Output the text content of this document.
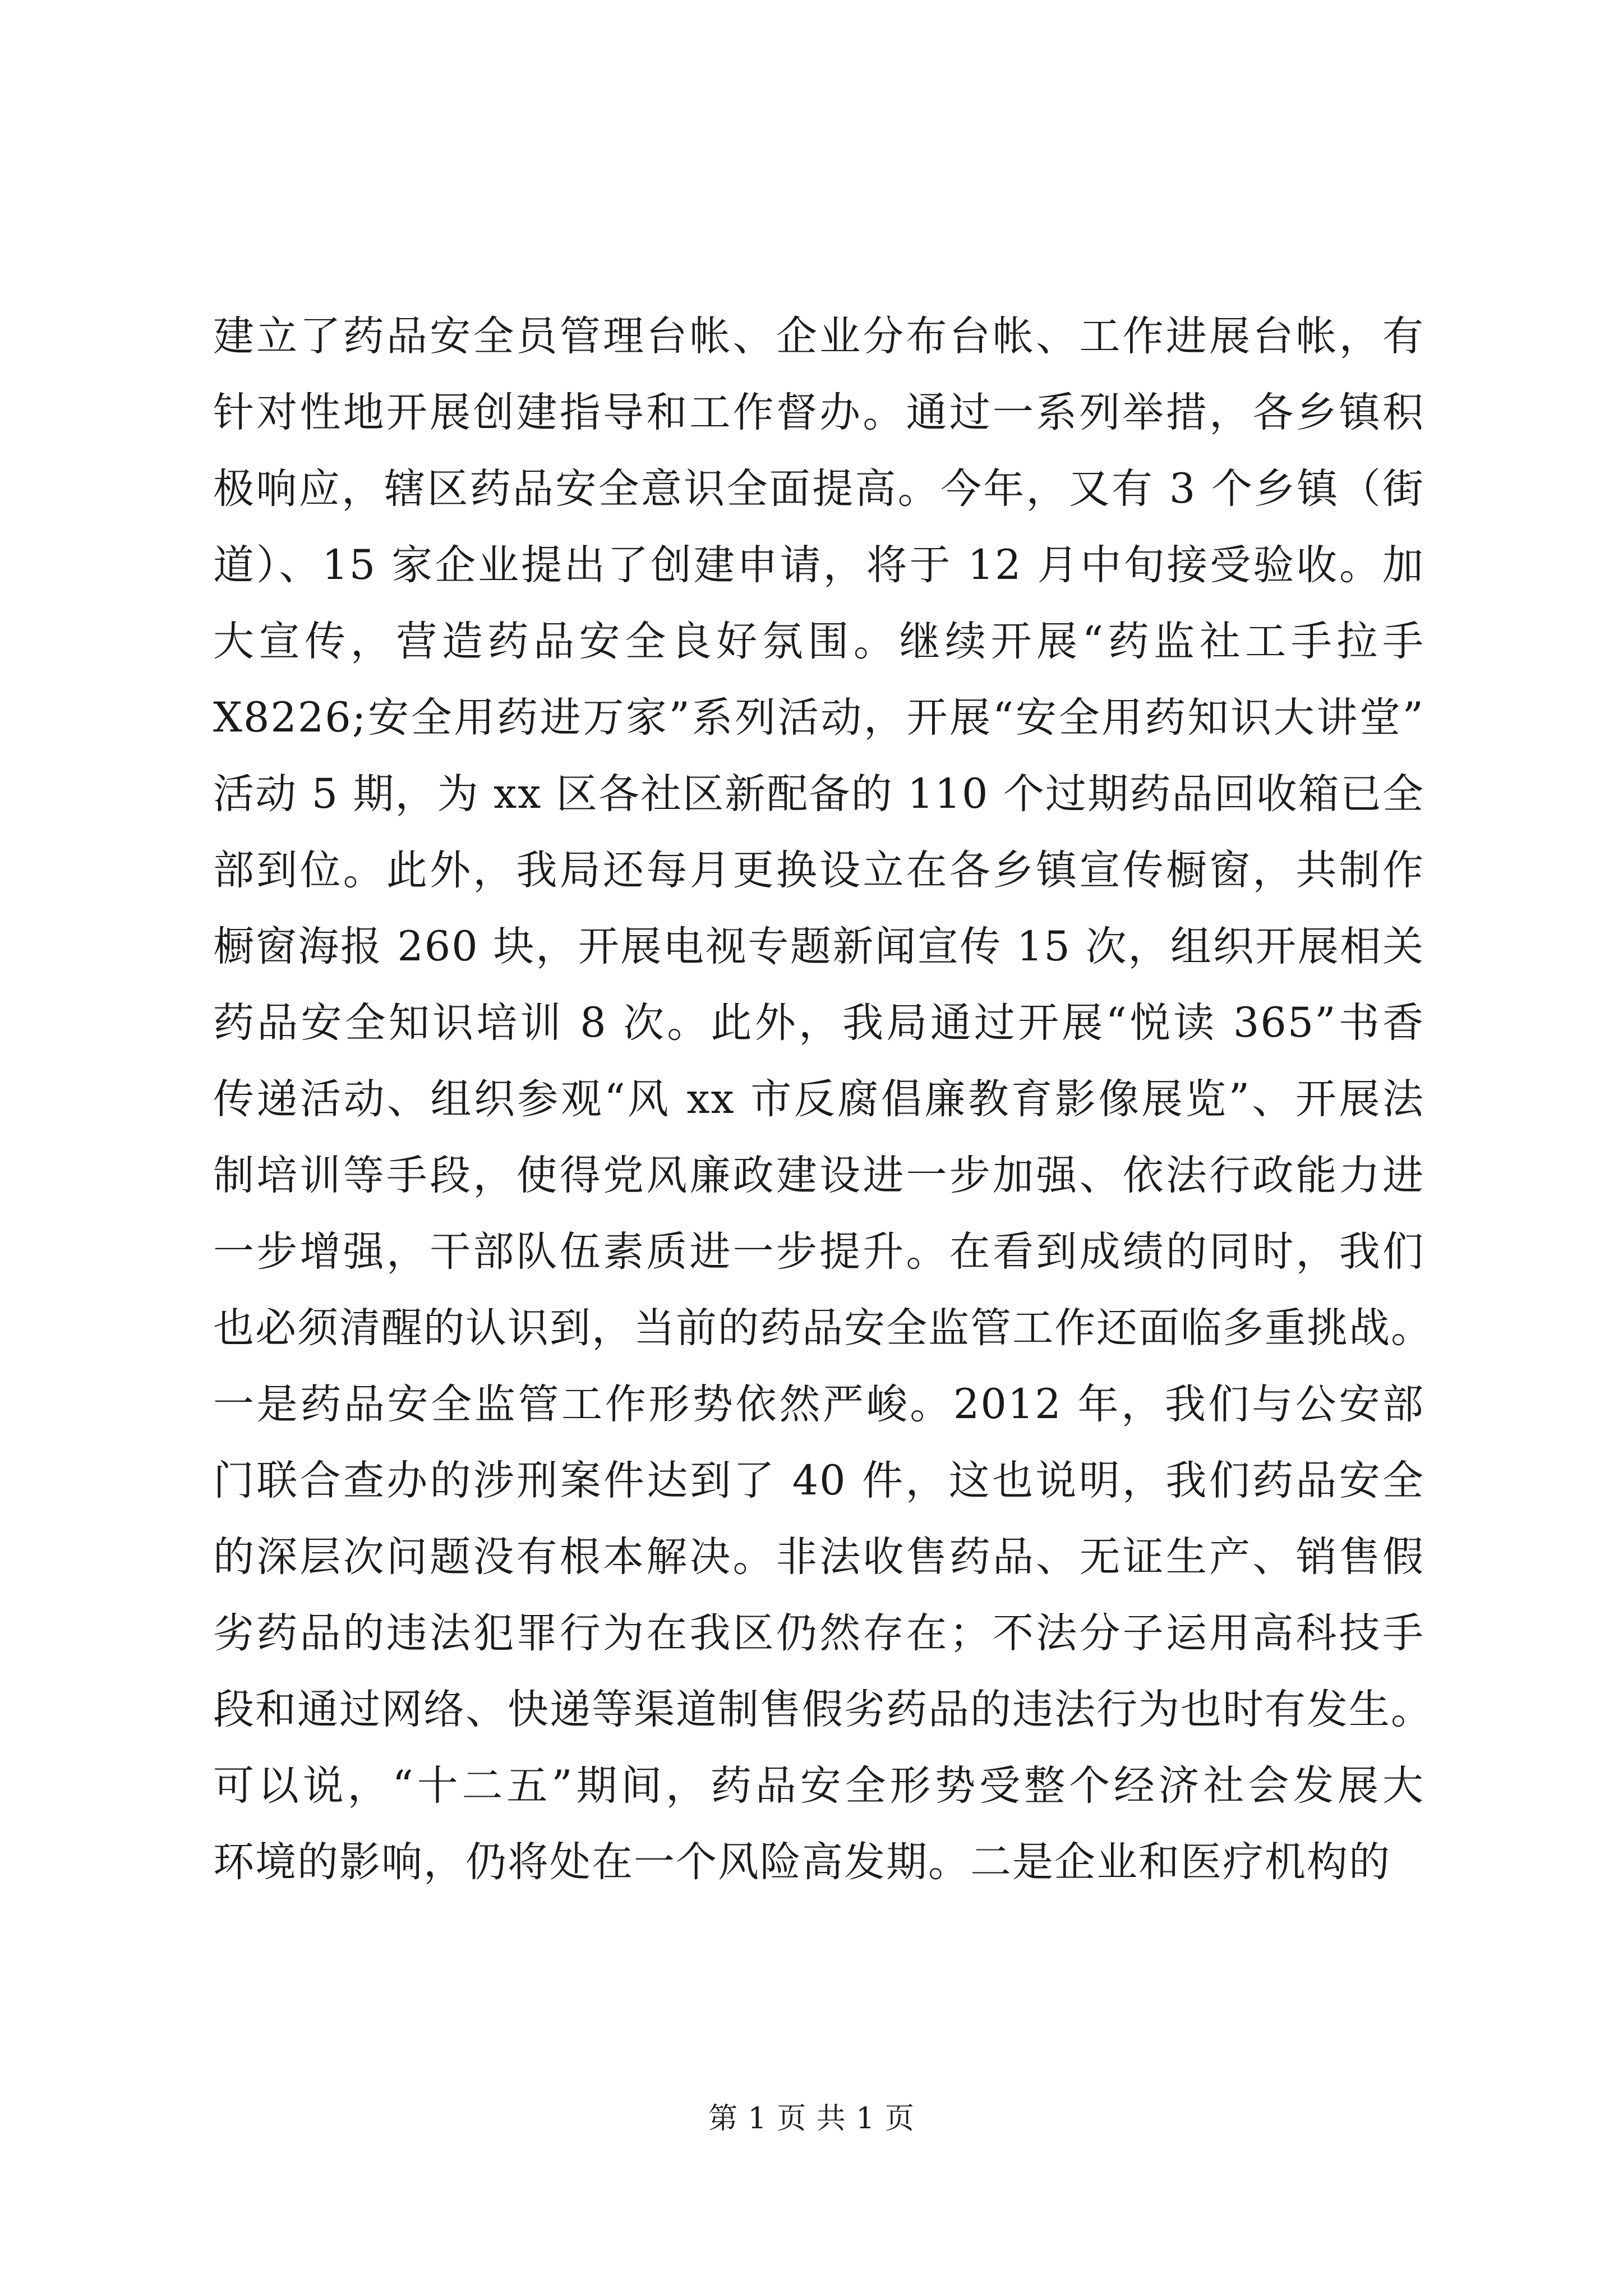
建立了药品安全员管理台帐、企业分布台帐、工作进展台帐，有
针对性地开展创建指导和工作督办。通过一系列举措，各乡镇积
极响应，辖区药品安全意识全面提高。今年，又有 3 个乡镇（街
道）、15 家企业提出了创建申请，将于 12 月中旬接受验收。加
大宣传，营造药品安全良好氛围。继续开展“药监社工手拉手
X8226;安全用药进万家”系列活动，开展“安全用药知识大讲堂”
活动 5 期，为 xx 区各社区新配备的 110 个过期药品回收箱已全
部到位。此外，我局还每月更换设立在各乡镇宣传橱窗，共制作
橱窗海报 260 块，开展电视专题新闻宣传 15 次，组织开展相关
药品安全知识培训 8 次。此外，我局通过开展“悦读 365”书香
传递活动、组织参观“风 xx 市反腐倡廉教育影像展览”、开展法
制培训等手段，使得党风廉政建设进一步加强、依法行政能力进
一步增强，干部队伍素质进一步提升。在看到成绩的同时，我们
也必须清醒的认识到，当前的药品安全监管工作还面临多重挑战。
一是药品安全监管工作形势依然严峻。2012 年，我们与公安部
门联合查办的涉刑案件达到了 40 件，这也说明，我们药品安全
的深层次问题没有根本解决。非法收售药品、无证生产、销售假
劣药品的违法犯罪行为在我区仍然存在；不法分子运用高科技手
段和通过网络、快递等渠道制售假劣药品的违法行为也时有发生。
可以说，“十二五”期间，药品安全形势受整个经济社会发展大
环境的影响，仍将处在一个风险高发期。二是企业和医疗机构的
第 1 页 共 1 页
